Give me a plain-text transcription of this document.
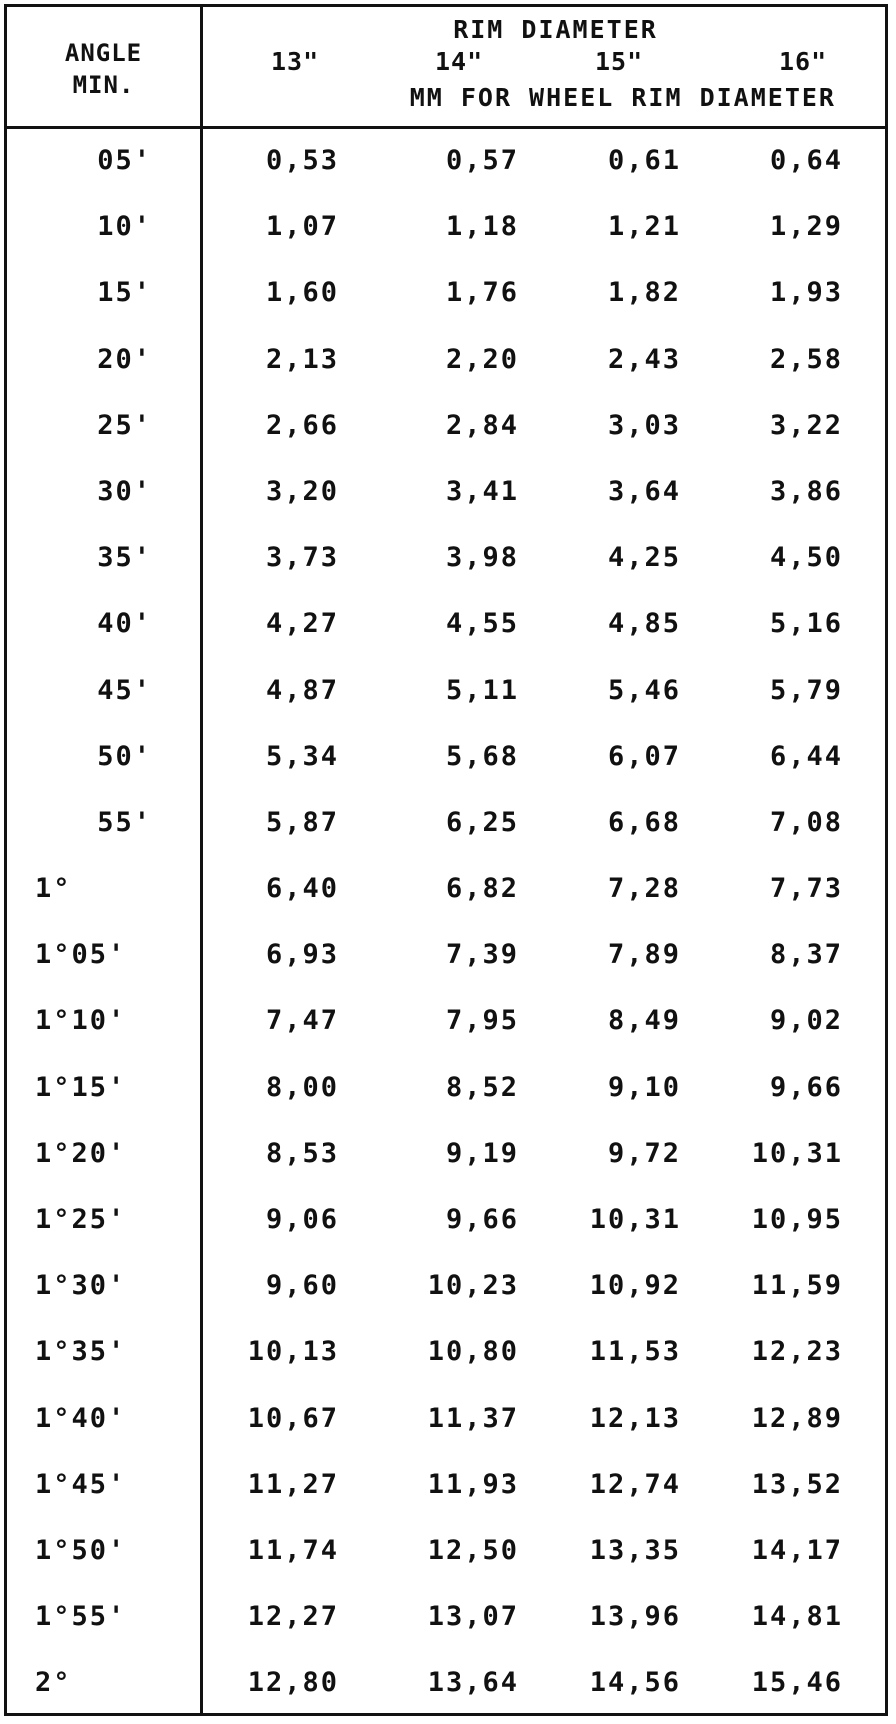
ANGLE
MIN.
RIM DIAMETER
13"	14"	15"	16"
MM FOR WHEEL RIM DIAMETER
05'	0,53	0,57	0,61	0,64
10'	1,07	1,18	1,21	1,29
15'	1,60	1,76	1,82	1,93
20'	2,13	2,20	2,43	2,58
25'	2,66	2,84	3,03	3,22
30'	3,20	3,41	3,64	3,86
35'	3,73	3,98	4,25	4,50
40'	4,27	4,55	4,85	5,16
45'	4,87	5,11	5,46	5,79
50'	5,34	5,68	6,07	6,44
55'	5,87	6,25	6,68	7,08
1°	6,40	6,82	7,28	7,73
1°05'	6,93	7,39	7,89	8,37
1°10'	7,47	7,95	8,49	9,02
1°15'	8,00	8,52	9,10	9,66
1°20'	8,53	9,19	9,72	10,31
1°25'	9,06	9,66	10,31	10,95
1°30'	9,60	10,23	10,92	11,59
1°35'	10,13	10,80	11,53	12,23
1°40'	10,67	11,37	12,13	12,89
1°45'	11,27	11,93	12,74	13,52
1°50'	11,74	12,50	13,35	14,17
1°55'	12,27	13,07	13,96	14,81
2°	12,80	13,64	14,56	15,46
